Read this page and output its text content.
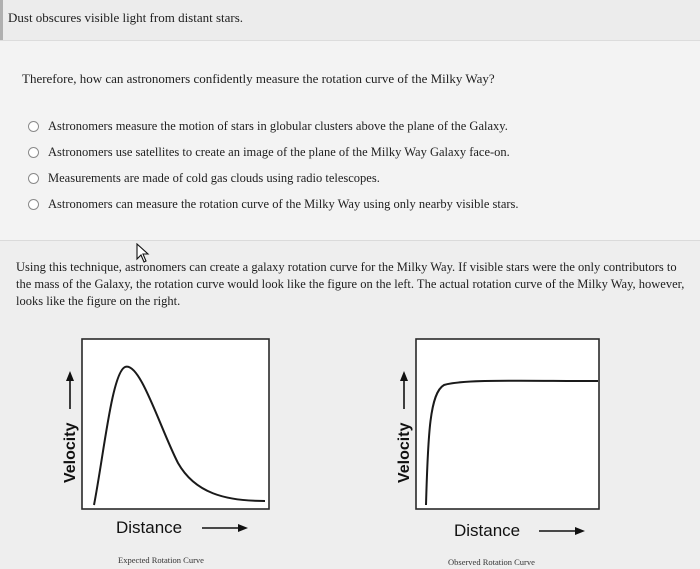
Dust obscures visible light from distant stars.
Therefore, how can astronomers confidently measure the rotation curve of the Milky Way?
Astronomers measure the motion of stars in globular clusters above the plane of the Galaxy.
Astronomers use satellites to create an image of the plane of the Milky Way Galaxy face-on.
Measurements are made of cold gas clouds using radio telescopes.
Astronomers can measure the rotation curve of the Milky Way using only nearby visible stars.
Using this technique, astronomers can create a galaxy rotation curve for the Milky Way. If visible stars were the only contributors to the mass of the Galaxy, the rotation curve would look like the figure on the left. The actual rotation curve of the Milky Way, however, looks like the figure on the right.
Velocity
Distance
Expected Rotation Curve
Velocity
Distance
Observed Rotation Curve
